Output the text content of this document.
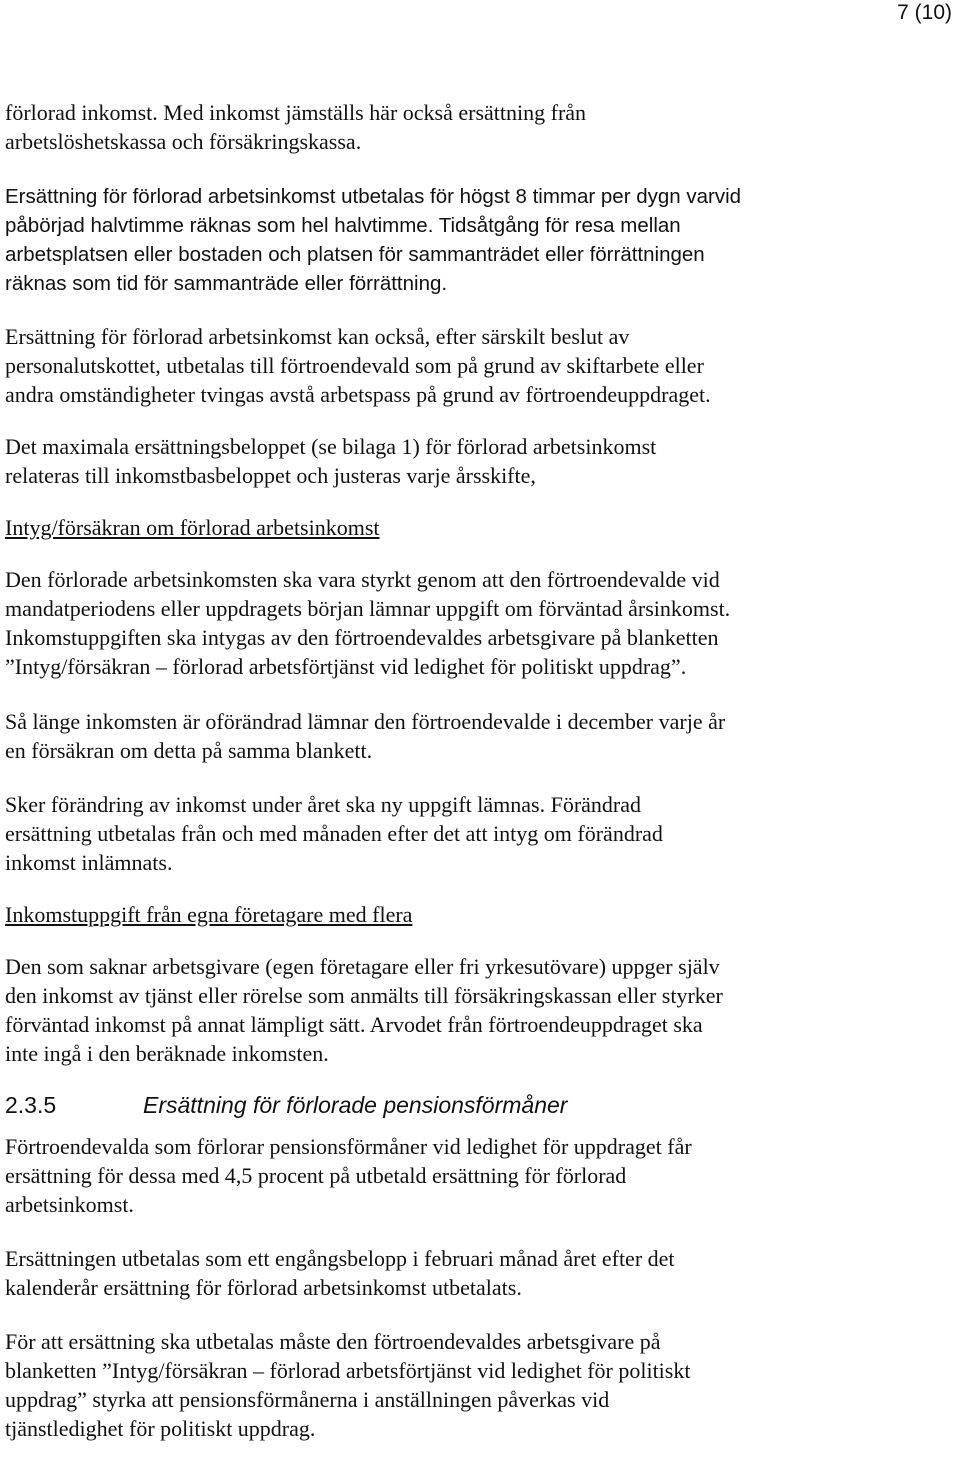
7 (10)

förlorad inkomst. Med inkomst jämställs här också ersättning från
arbetslöshetskassa och försäkringskassa.

Ersättning för förlorad arbetsinkomst utbetalas för högst 8 timmar per dygn varvid
påbörjad halvtimme räknas som hel halvtimme. Tidsåtgång för resa mellan
arbetsplatsen eller bostaden och platsen för sammanträdet eller förrättningen
räknas som tid för sammanträde eller förrättning.

Ersättning för förlorad arbetsinkomst kan också, efter särskilt beslut av
personalutskottet, utbetalas till förtroendevald som på grund av skiftarbete eller
andra omständigheter tvingas avstå arbetspass på grund av förtroendeuppdraget.

Det maximala ersättningsbeloppet (se bilaga 1) för förlorad arbetsinkomst
relateras till inkomstbasbeloppet och justeras varje årsskifte,

Intyg/försäkran om förlorad arbetsinkomst

Den förlorade arbetsinkomsten ska vara styrkt genom att den förtroendevalde vid
mandatperiodens eller uppdragets början lämnar uppgift om förväntad årsinkomst.
Inkomstuppgiften ska intygas av den förtroendevaldes arbetsgivare på blanketten
”Intyg/försäkran – förlorad arbetsförtjänst vid ledighet för politiskt uppdrag”.

Så länge inkomsten är oförändrad lämnar den förtroendevalde i december varje år
en försäkran om detta på samma blankett.

Sker förändring av inkomst under året ska ny uppgift lämnas. Förändrad
ersättning utbetalas från och med månaden efter det att intyg om förändrad
inkomst inlämnats.

Inkomstuppgift från egna företagare med flera

Den som saknar arbetsgivare (egen företagare eller fri yrkesutövare) uppger själv
den inkomst av tjänst eller rörelse som anmälts till försäkringskassan eller styrker
förväntad inkomst på annat lämpligt sätt. Arvodet från förtroendeuppdraget ska
inte ingå i den beräknade inkomsten.

2.3.5	Ersättning för förlorade pensionsförmåner

Förtroendevalda som förlorar pensionsförmåner vid ledighet för uppdraget får
ersättning för dessa med 4,5 procent på utbetald ersättning för förlorad
arbetsinkomst.

Ersättningen utbetalas som ett engångsbelopp i februari månad året efter det
kalenderår ersättning för förlorad arbetsinkomst utbetalats.

För att ersättning ska utbetalas måste den förtroendevaldes arbetsgivare på
blanketten ”Intyg/försäkran – förlorad arbetsförtjänst vid ledighet för politiskt
uppdrag” styrka att pensionsförmånerna i anställningen påverkas vid
tjänstledighet för politiskt uppdrag.
